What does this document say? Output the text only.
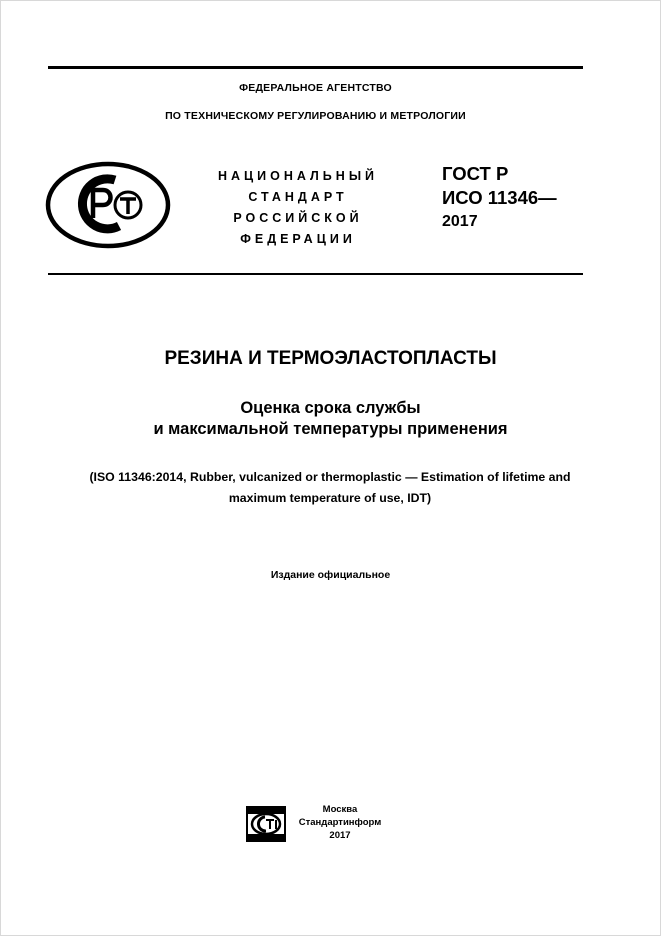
ФЕДЕРАЛЬНОЕ АГЕНТСТВО
ПО ТЕХНИЧЕСКОМУ РЕГУЛИРОВАНИЮ И МЕТРОЛОГИИ
НАЦИОНАЛЬНЫЙ
СТАНДАРТ
РОССИЙСКОЙ
ФЕДЕРАЦИИ
ГОСТ Р
ИСО 11346—
2017
РЕЗИНА И ТЕРМОЭЛАСТОПЛАСТЫ
Оценка срока службы
и максимальной температуры применения
(ISO 11346:2014, Rubber, vulcanized or thermoplastic — Estimation of lifetime and
maximum temperature of use, IDT)
Издание официальное
Москва
Стандартинформ
2017
